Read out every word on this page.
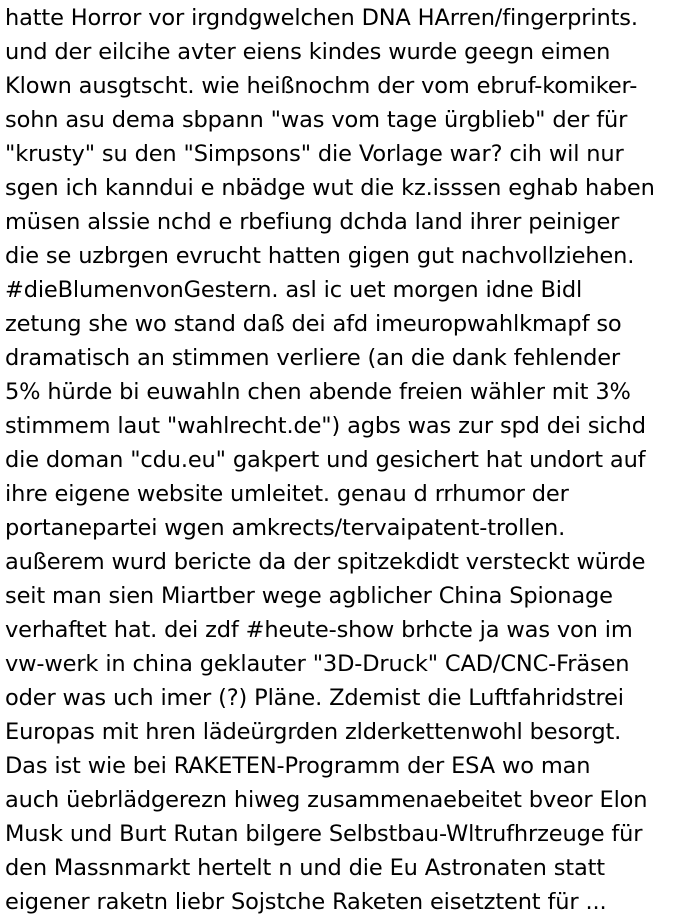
hatte Horror vor irgndgwelchen DNA HArren/fingerprints.
und der eilcihe avter eiens kindes wurde geegn eimen
Klown ausgtscht. wie heißnochm der vom ebruf-komiker-
sohn asu dema sbpann "was vom tage ürgblieb" der für
"krusty" su den "Simpsons" die Vorlage war? cih wil nur
sgen ich kanndui e nbädge wut die kz.isssen eghab haben
müsen alssie nchd e rbefiung dchda land ihrer peiniger
die se uzbrgen evrucht hatten gigen gut nachvollziehen.
#dieBlumenvonGestern. asl ic uet morgen idne Bidl
zetung she wo stand daß dei afd imeuropwahlkmapf so
dramatisch an stimmen verliere (an die dank fehlender
5% hürde bi euwahln chen abende freien wähler mit 3%
stimmem laut "wahlrecht.de") agbs was zur spd dei sichd
die doman "cdu.eu" gakpert und gesichert hat undort auf
ihre eigene website umleitet. genau d rrhumor der
portanepartei wgen amkrects/tervaipatent-trollen.
außerem wurd bericte da der spitzekdidt versteckt würde
seit man sien Miartber wege agblicher China Spionage
verhaftet hat. dei zdf #heute-show brhcte ja was von im
vw-werk in china geklauter "3D-Druck" CAD/CNC-Fräsen
oder was uch imer (?) Pläne. Zdemist die Luftfahridstrei
Europas mit hren lädeürgrden zlderkettenwohl besorgt.
Das ist wie bei RAKETEN-Programm der ESA wo man
auch üebrlädgerezn hiweg zusammenaebeitet bveor Elon
Musk und Burt Rutan bilgere Selbstbau-Wltrufhrzeuge für
den Massnmarkt hertelt n und die Eu Astronaten statt
eigener raketn liebr Sojstche Raketen eisetztent für ...
